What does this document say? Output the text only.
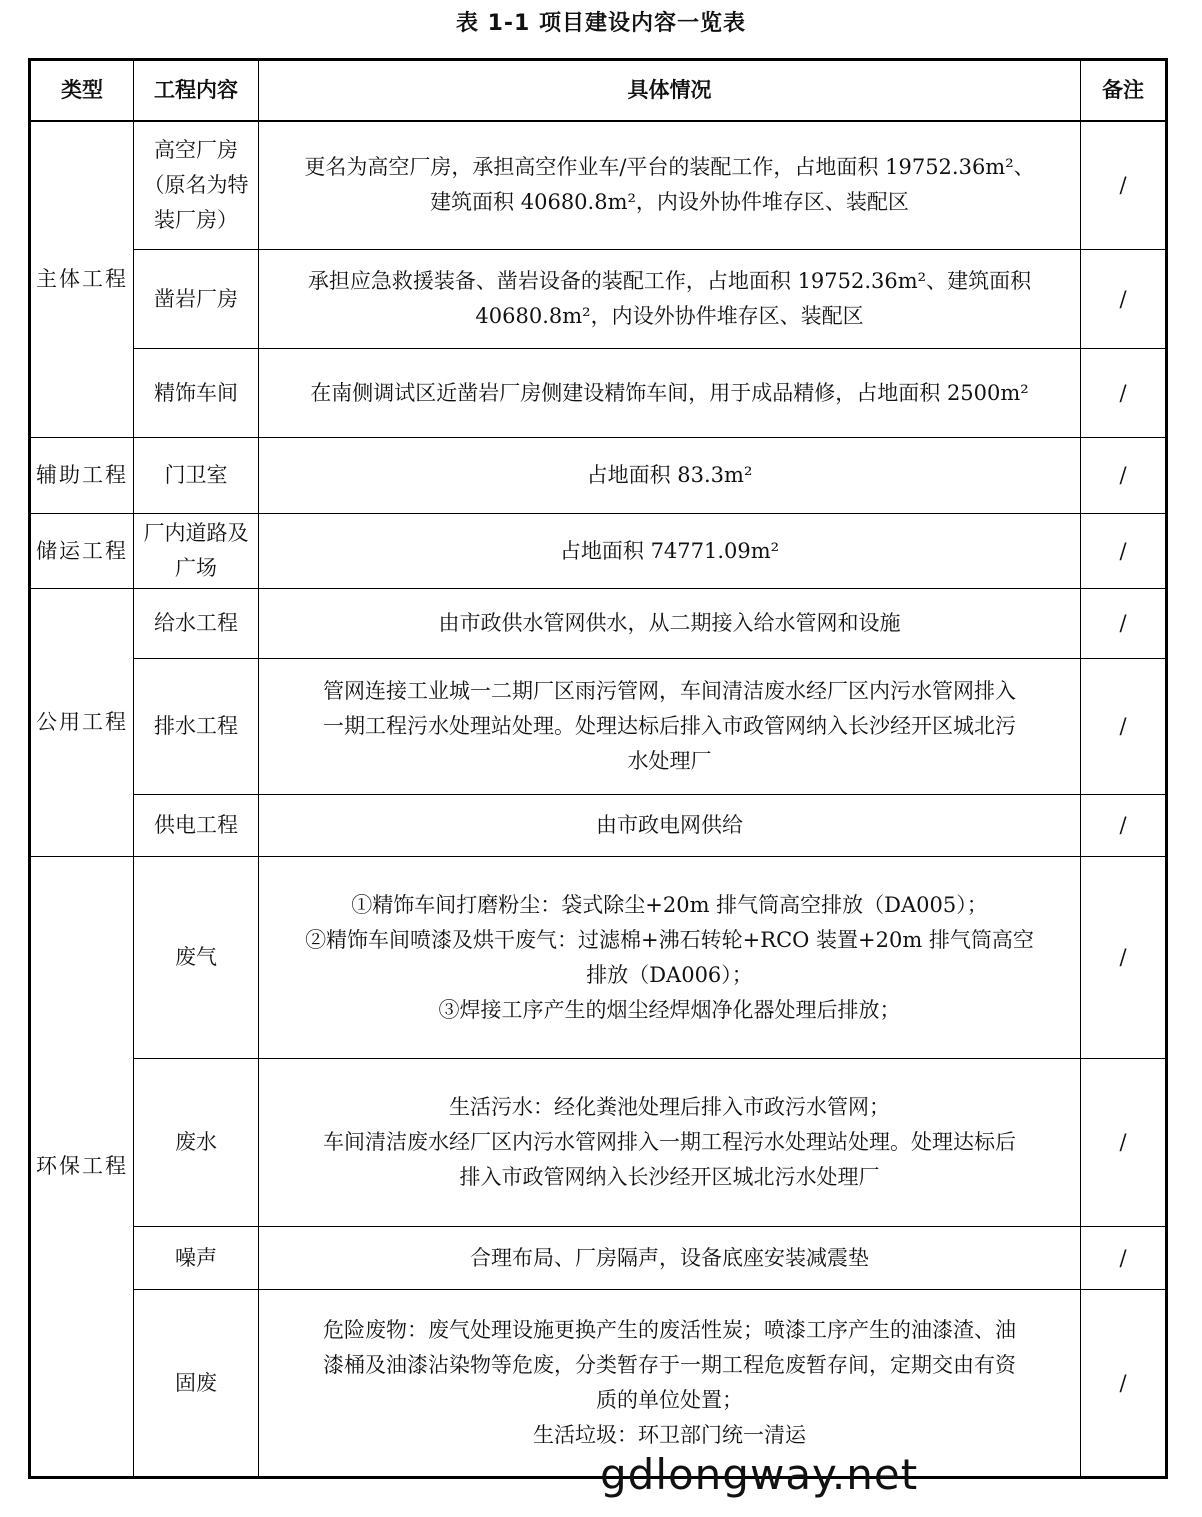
表 1-1 项目建设内容一览表
类型	工程内容	具体情况	备注
主体工程	高空厂房（原名为特装厂房）	更名为高空厂房，承担高空作业车/平台的装配工作，占地面积 19752.36m²、
建筑面积 40680.8m²，内设外协件堆存区、装配区	/
	凿岩厂房	承担应急救援装备、凿岩设备的装配工作，占地面积 19752.36m²、建筑面积
40680.8m²，内设外协件堆存区、装配区	/
	精饰车间	在南侧调试区近凿岩厂房侧建设精饰车间，用于成品精修，占地面积 2500m²	/
辅助工程	门卫室	占地面积 83.3m²	/
储运工程	厂内道路及广场	占地面积 74771.09m²	/
公用工程	给水工程	由市政供水管网供水，从二期接入给水管网和设施	/
	排水工程	管网连接工业城一二期厂区雨污管网，车间清洁废水经厂区内污水管网排入
一期工程污水处理站处理。处理达标后排入市政管网纳入长沙经开区城北污
水处理厂	/
	供电工程	由市政电网供给	/
环保工程	废气	①精饰车间打磨粉尘：袋式除尘+20m 排气筒高空排放（DA005）；
②精饰车间喷漆及烘干废气：过滤棉+沸石转轮+RCO 装置+20m 排气筒高空
排放（DA006）；
③焊接工序产生的烟尘经焊烟净化器处理后排放；	/
	废水	生活污水：经化粪池处理后排入市政污水管网；
车间清洁废水经厂区内污水管网排入一期工程污水处理站处理。处理达标后
排入市政管网纳入长沙经开区城北污水处理厂	/
	噪声	合理布局、厂房隔声，设备底座安装减震垫	/
	固废	危险废物：废气处理设施更换产生的废活性炭；喷漆工序产生的油漆渣、油
漆桶及油漆沾染物等危废，分类暂存于一期工程危废暂存间，定期交由有资
质的单位处置；
生活垃圾：环卫部门统一清运	/
gdlongway.net
